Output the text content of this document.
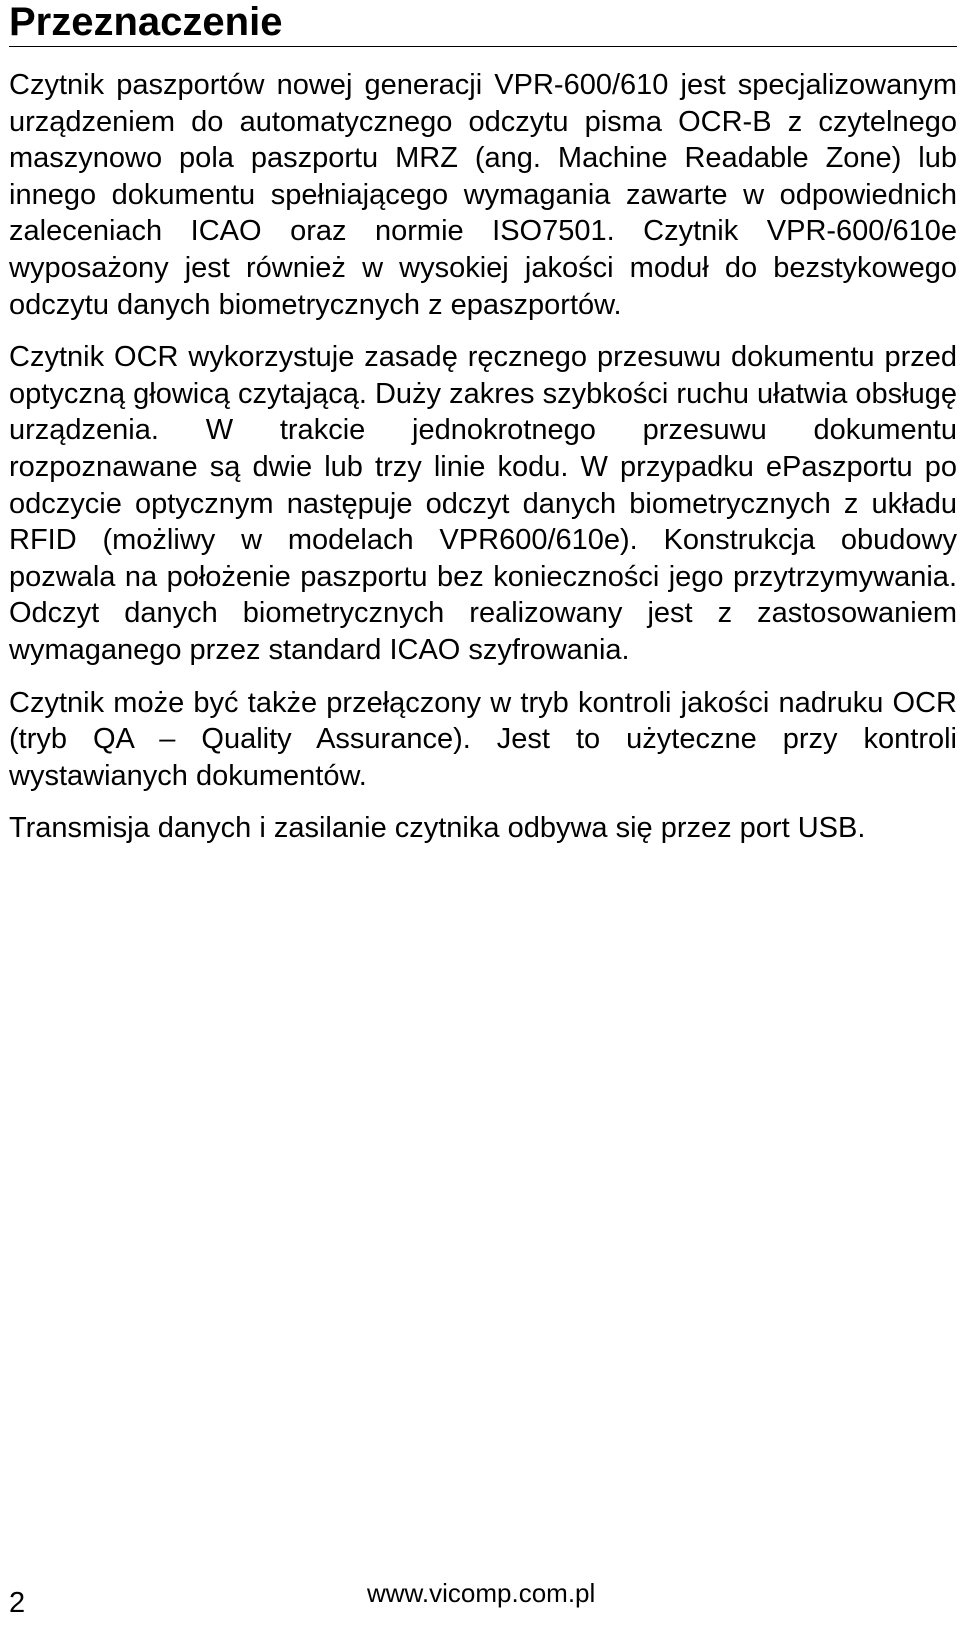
Przeznaczenie

Czytnik paszportów nowej generacji VPR-600/610 jest specjalizowanym urządzeniem do automatycznego odczytu pisma OCR-B z czytelnego maszynowo pola paszportu MRZ (ang. Machine Readable Zone) lub innego dokumentu spełniającego wymagania zawarte w odpowiednich zaleceniach ICAO oraz normie ISO7501. Czytnik VPR-600/610e wyposażony jest również w wysokiej jakości moduł do bezstykowego odczytu danych biometrycznych z epaszportów.

Czytnik OCR wykorzystuje zasadę ręcznego przesuwu dokumentu przed optyczną głowicą czytającą. Duży zakres szybkości ruchu ułatwia obsługę urządzenia. W trakcie jednokrotnego przesuwu dokumentu rozpoznawane są dwie lub trzy linie kodu. W przypadku ePaszportu po odczycie optycznym następuje odczyt danych biometrycznych z układu RFID (możliwy w modelach VPR600/610e). Konstrukcja obudowy pozwala na położenie paszportu bez konieczności jego przytrzymywania. Odczyt danych biometrycznych realizowany jest z zastosowaniem wymaganego przez standard ICAO szyfrowania.

Czytnik może być także przełączony w tryb kontroli jakości nadruku OCR (tryb QA – Quality Assurance). Jest to użyteczne przy kontroli wystawianych dokumentów.

Transmisja danych i zasilanie czytnika odbywa się przez port USB.

2	www.vicomp.com.pl
